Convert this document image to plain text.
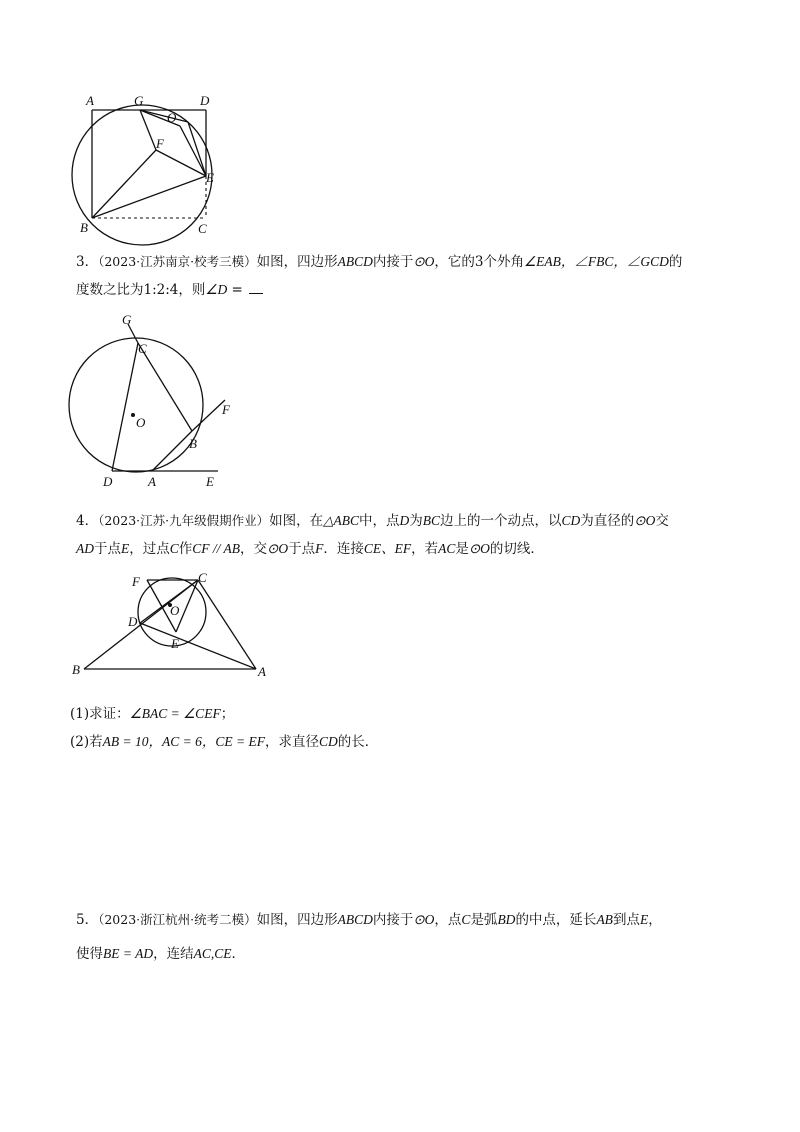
A	G	D
O
F
E
B	C
3．（2023·江苏南京·校考三模）如图，四边形ABCD内接于⊙O，它的3个外角∠EAB，∠FBC，∠GCD的
度数之比为1:2:4，则∠D =
G
C
O
F
B
D	A	E
4．（2023·江苏·九年级假期作业）如图，在△ABC中，点D为BC边上的一个动点，以CD为直径的⊙O交
AD于点E，过点C作CF // AB，交⊙O于点F．连接CE、EF，若AC是⊙O的切线．
F	C
O
D
E
B	A
(1)求证：∠BAC = ∠CEF；
(2)若AB = 10，AC = 6，CE = EF，求直径CD的长．
5．（2023·浙江杭州·统考二模）如图，四边形ABCD内接于⊙O，点C是弧BD的中点，延长AB到点E，
使得BE = AD，连结AC,CE．
